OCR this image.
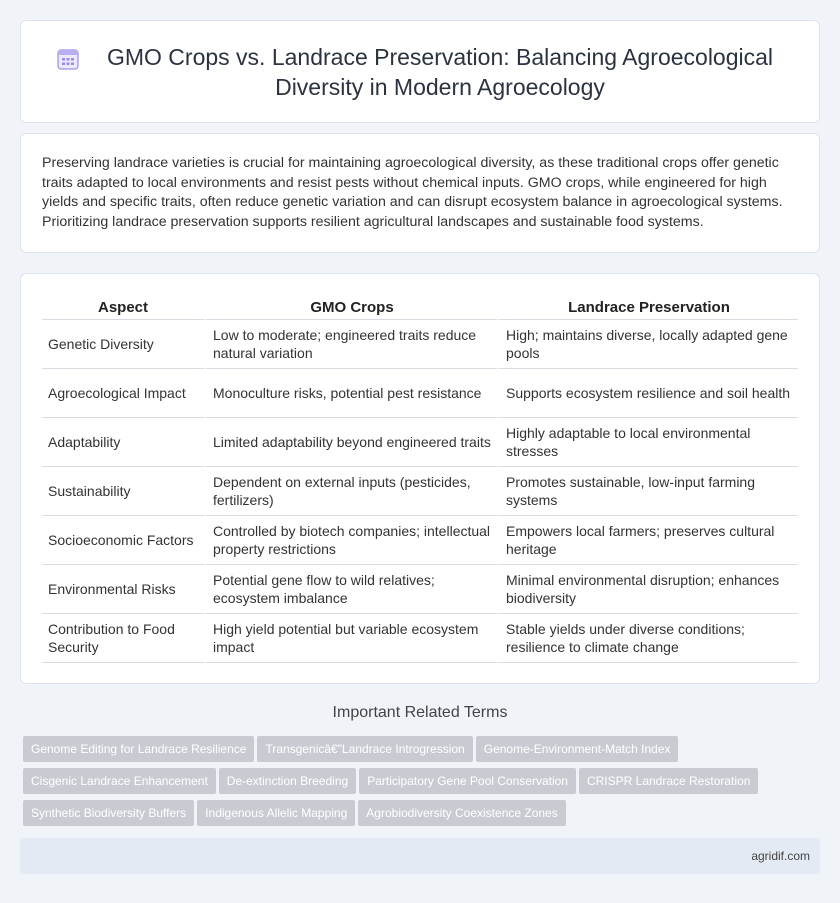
GMO Crops vs. Landrace Preservation: Balancing Agroecological Diversity in Modern Agroecology

Preserving landrace varieties is crucial for maintaining agroecological diversity, as these traditional crops offer genetic traits adapted to local environments and resist pests without chemical inputs. GMO crops, while engineered for high yields and specific traits, often reduce genetic variation and can disrupt ecosystem balance in agroecological systems. Prioritizing landrace preservation supports resilient agricultural landscapes and sustainable food systems.

Aspect	GMO Crops	Landrace Preservation
Genetic Diversity	Low to moderate; engineered traits reduce natural variation	High; maintains diverse, locally adapted gene pools
Agroecological Impact	Monoculture risks, potential pest resistance	Supports ecosystem resilience and soil health
Adaptability	Limited adaptability beyond engineered traits	Highly adaptable to local environmental stresses
Sustainability	Dependent on external inputs (pesticides, fertilizers)	Promotes sustainable, low-input farming systems
Socioeconomic Factors	Controlled by biotech companies; intellectual property restrictions	Empowers local farmers; preserves cultural heritage
Environmental Risks	Potential gene flow to wild relatives; ecosystem imbalance	Minimal environmental disruption; enhances biodiversity
Contribution to Food Security	High yield potential but variable ecosystem impact	Stable yields under diverse conditions; resilience to climate change
Important Related Terms
Genome Editing for Landrace Resilience Transgenicâ€"Landrace Introgression Genome-Environment-Match Index
Cisgenic Landrace Enhancement De-extinction Breeding Participatory Gene Pool Conservation CRISPR Landrace Restoration
Synthetic Biodiversity Buffers Indigenous Allelic Mapping Agrobiodiversity Coexistence Zones
agridif.com
